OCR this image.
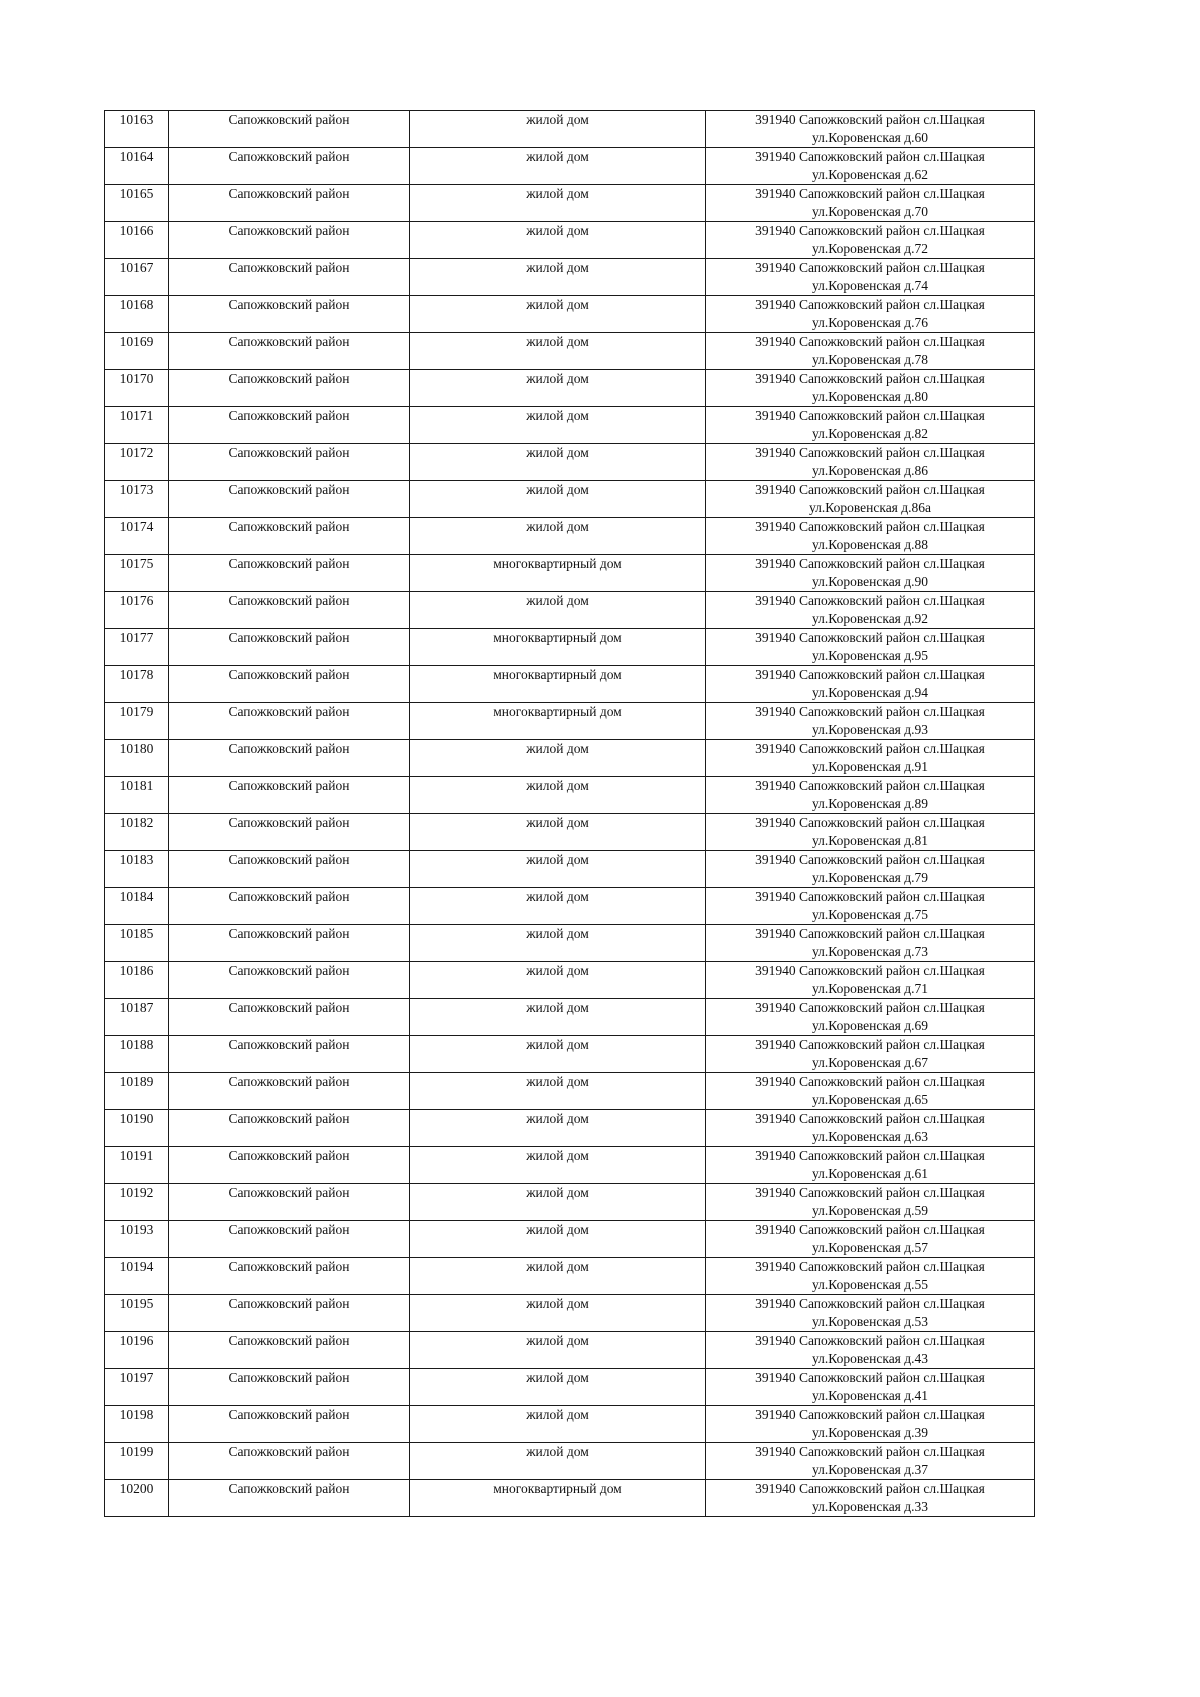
10163	Сапожковский район	жилой дом	391940 Сапожковский район сл.Шацкая
ул.Коровенская д.60

10164	Сапожковский район	жилой дом	391940 Сапожковский район сл.Шацкая
ул.Коровенская д.62

10165	Сапожковский район	жилой дом	391940 Сапожковский район сл.Шацкая
ул.Коровенская д.70

10166	Сапожковский район	жилой дом	391940 Сапожковский район сл.Шацкая
ул.Коровенская д.72

10167	Сапожковский район	жилой дом	391940 Сапожковский район сл.Шацкая
ул.Коровенская д.74

10168	Сапожковский район	жилой дом	391940 Сапожковский район сл.Шацкая
ул.Коровенская д.76

10169	Сапожковский район	жилой дом	391940 Сапожковский район сл.Шацкая
ул.Коровенская д.78

10170	Сапожковский район	жилой дом	391940 Сапожковский район сл.Шацкая
ул.Коровенская д.80

10171	Сапожковский район	жилой дом	391940 Сапожковский район сл.Шацкая
ул.Коровенская д.82

10172	Сапожковский район	жилой дом	391940 Сапожковский район сл.Шацкая
ул.Коровенская д.86

10173	Сапожковский район	жилой дом	391940 Сапожковский район сл.Шацкая
ул.Коровенская д.86а

10174	Сапожковский район	жилой дом	391940 Сапожковский район сл.Шацкая
ул.Коровенская д.88

10175	Сапожковский район	многоквартирный дом	391940 Сапожковский район сл.Шацкая
ул.Коровенская д.90

10176	Сапожковский район	жилой дом	391940 Сапожковский район сл.Шацкая
ул.Коровенская д.92

10177	Сапожковский район	многоквартирный дом	391940 Сапожковский район сл.Шацкая
ул.Коровенская д.95

10178	Сапожковский район	многоквартирный дом	391940 Сапожковский район сл.Шацкая
ул.Коровенская д.94

10179	Сапожковский район	многоквартирный дом	391940 Сапожковский район сл.Шацкая
ул.Коровенская д.93

10180	Сапожковский район	жилой дом	391940 Сапожковский район сл.Шацкая
ул.Коровенская д.91

10181	Сапожковский район	жилой дом	391940 Сапожковский район сл.Шацкая
ул.Коровенская д.89

10182	Сапожковский район	жилой дом	391940 Сапожковский район сл.Шацкая
ул.Коровенская д.81

10183	Сапожковский район	жилой дом	391940 Сапожковский район сл.Шацкая
ул.Коровенская д.79

10184	Сапожковский район	жилой дом	391940 Сапожковский район сл.Шацкая
ул.Коровенская д.75

10185	Сапожковский район	жилой дом	391940 Сапожковский район сл.Шацкая
ул.Коровенская д.73

10186	Сапожковский район	жилой дом	391940 Сапожковский район сл.Шацкая
ул.Коровенская д.71

10187	Сапожковский район	жилой дом	391940 Сапожковский район сл.Шацкая
ул.Коровенская д.69

10188	Сапожковский район	жилой дом	391940 Сапожковский район сл.Шацкая
ул.Коровенская д.67

10189	Сапожковский район	жилой дом	391940 Сапожковский район сл.Шацкая
ул.Коровенская д.65

10190	Сапожковский район	жилой дом	391940 Сапожковский район сл.Шацкая
ул.Коровенская д.63

10191	Сапожковский район	жилой дом	391940 Сапожковский район сл.Шацкая
ул.Коровенская д.61

10192	Сапожковский район	жилой дом	391940 Сапожковский район сл.Шацкая
ул.Коровенская д.59

10193	Сапожковский район	жилой дом	391940 Сапожковский район сл.Шацкая
ул.Коровенская д.57

10194	Сапожковский район	жилой дом	391940 Сапожковский район сл.Шацкая
ул.Коровенская д.55

10195	Сапожковский район	жилой дом	391940 Сапожковский район сл.Шацкая
ул.Коровенская д.53

10196	Сапожковский район	жилой дом	391940 Сапожковский район сл.Шацкая
ул.Коровенская д.43

10197	Сапожковский район	жилой дом	391940 Сапожковский район сл.Шацкая
ул.Коровенская д.41

10198	Сапожковский район	жилой дом	391940 Сапожковский район сл.Шацкая
ул.Коровенская д.39

10199	Сапожковский район	жилой дом	391940 Сапожковский район сл.Шацкая
ул.Коровенская д.37

10200	Сапожковский район	многоквартирный дом	391940 Сапожковский район сл.Шацкая
ул.Коровенская д.33
